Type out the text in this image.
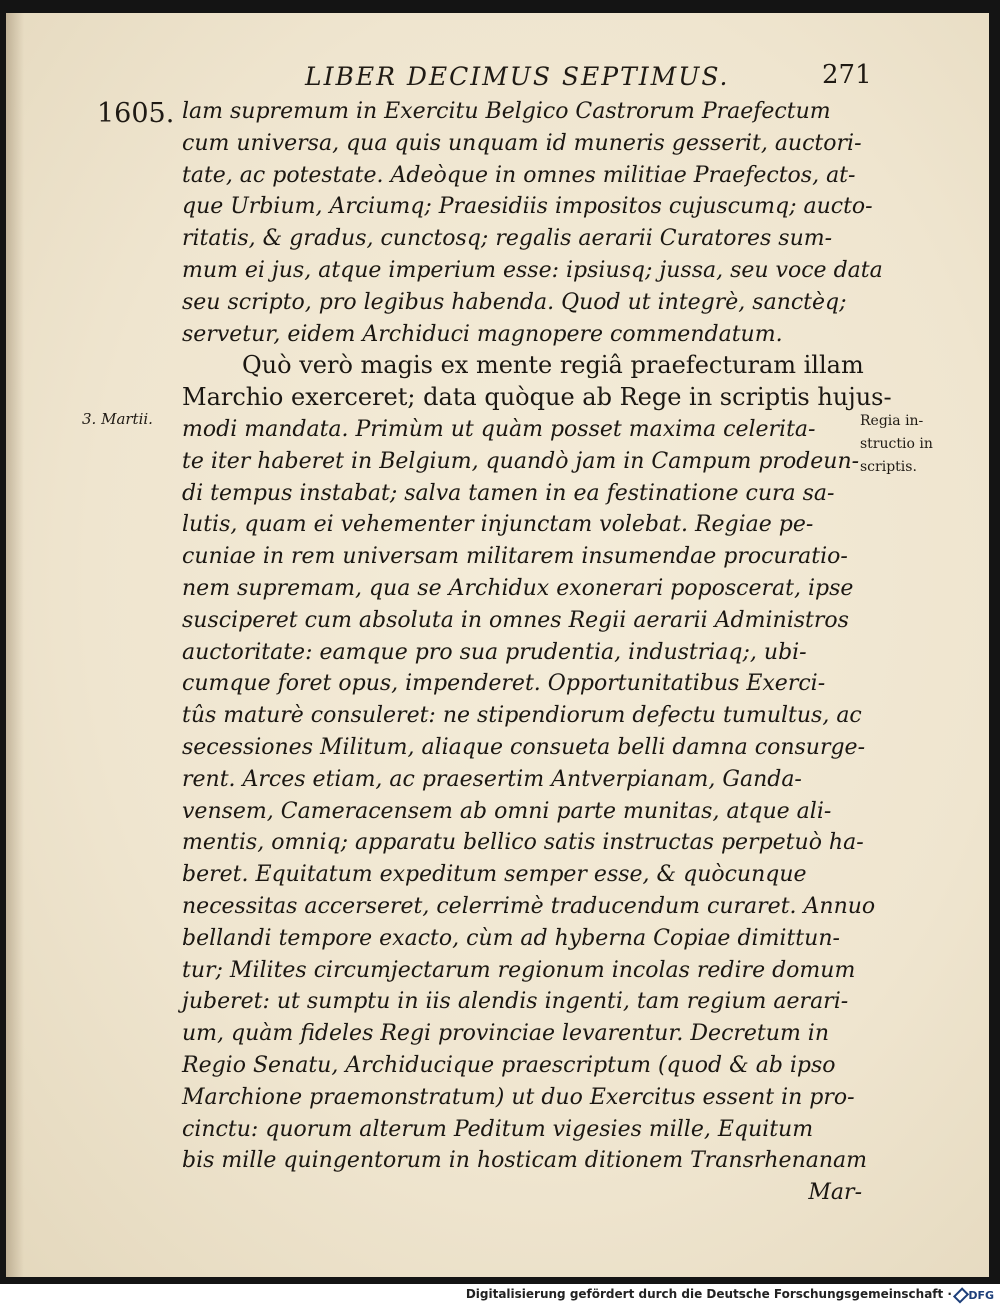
LIBER DECIMUS SEPTIMUS.	271
1605.
3. Martii.	Regia in-
structio in
scriptis.
lam supremum in Exercitu Belgico Castrorum Praefectum
cum universa, qua quis unquam id muneris gesserit, auctori-
tate, ac potestate. Adeòque in omnes militiae Praefectos, at-
que Urbium, Arciumq; Praesidiis impositos cujuscumq; aucto-
ritatis, & gradus, cunctosq; regalis aerarii Curatores sum-
mum ei jus, atque imperium esse: ipsiusq; jussa, seu voce data
seu scripto, pro legibus habenda. Quod ut integrè, sanctèq;
servetur, eidem Archiduci magnopere commendatum.
Quò verò magis ex mente regiâ praefecturam illam
Marchio exerceret; data quòque ab Rege in scriptis hujus-
modi mandata. Primùm ut quàm posset maxima celerita-
te iter haberet in Belgium, quandò jam in Campum prodeun-
di tempus instabat; salva tamen in ea festinatione cura sa-
lutis, quam ei vehementer injunctam volebat. Regiae pe-
cuniae in rem universam militarem insumendae procuratio-
nem supremam, qua se Archidux exonerari poposcerat, ipse
susciperet cum absoluta in omnes Regii aerarii Administros
auctoritate: eamque pro sua prudentia, industriaq;, ubi-
cumque foret opus, impenderet. Opportunitatibus Exerci-
tûs maturè consuleret: ne stipendiorum defectu tumultus, ac
secessiones Militum, aliaque consueta belli damna consurge-
rent. Arces etiam, ac praesertim Antverpianam, Ganda-
vensem, Cameracensem ab omni parte munitas, atque ali-
mentis, omniq; apparatu bellico satis instructas perpetuò ha-
beret. Equitatum expeditum semper esse, & quòcunque
necessitas accerseret, celerrimè traducendum curaret. Annuo
bellandi tempore exacto, cùm ad hyberna Copiae dimittun-
tur; Milites circumjectarum regionum incolas redire domum
juberet: ut sumptu in iis alendis ingenti, tam regium aerari-
um, quàm fideles Regi provinciae levarentur. Decretum in
Regio Senatu, Archiducique praescriptum (quod & ab ipso
Marchione praemonstratum) ut duo Exercitus essent in pro-
cinctu: quorum alterum Peditum vigesies mille, Equitum
bis mille quingentorum in hosticam ditionem Transrhenanam
Mar-
Digitalisierung gefördert durch die Deutsche Forschungsgemeinschaft · DFG
